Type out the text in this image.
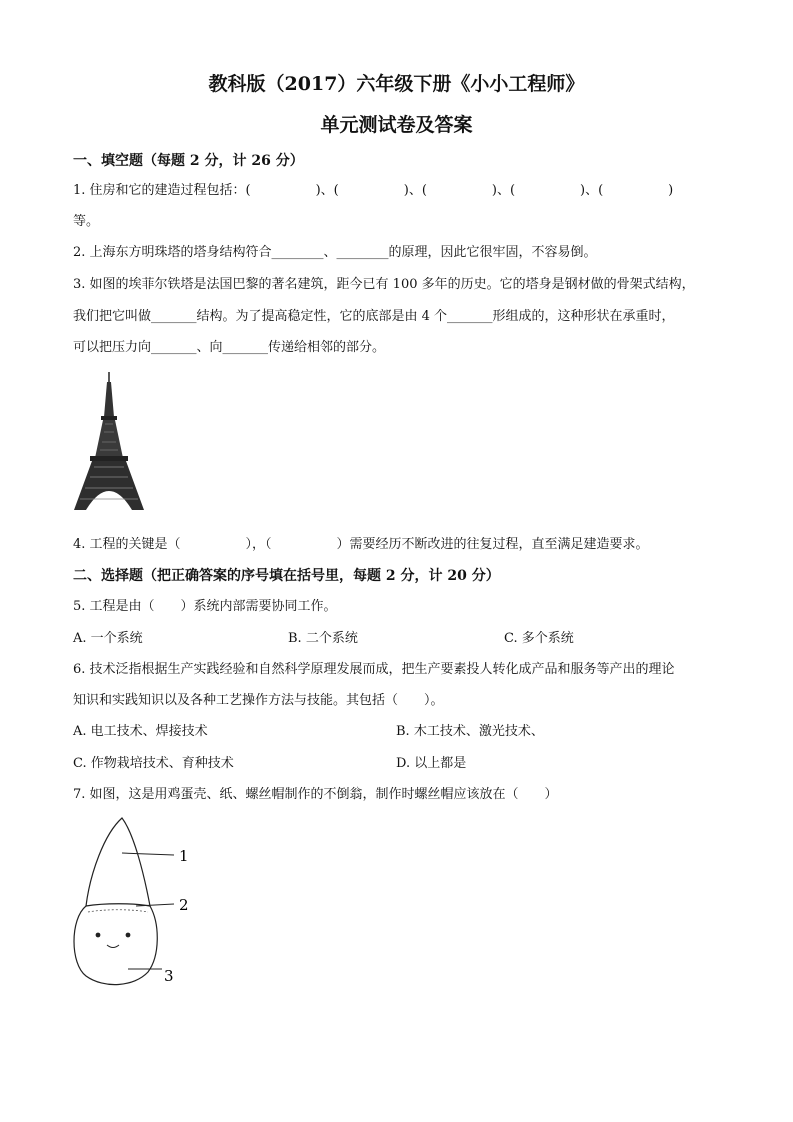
教科版（2017）六年级下册《小小工程师》
单元测试卷及答案
一、填空题（每题 2 分，计 26 分）
1. 住房和它的建造过程包括：(　　　　　)、(　　　　　)、(　　　　　)、(　　　　　)、(　　　　　)
等。
2. 上海东方明珠塔的塔身结构符合________、________的原理，因此它很牢固，不容易倒。
3. 如图的埃菲尔铁塔是法国巴黎的著名建筑，距今已有 100 多年的历史。它的塔身是钢材做的骨架式结构，
我们把它叫做_______结构。为了提高稳定性，它的底部是由 4 个_______形组成的，这种形状在承重时，
可以把压力向_______、向_______传递给相邻的部分。
4. 工程的关键是（　　　　　），（　　　　　）需要经历不断改进的往复过程，直至满足建造要求。
二、选择题（把正确答案的序号填在括号里，每题 2 分，计 20 分）
5. 工程是由（　　）系统内部需要协同工作。
A. 一个系统	B. 二个系统	C. 多个系统
6. 技术泛指根据生产实践经验和自然科学原理发展而成，把生产要素投人转化成产品和服务等产出的理论
知识和实践知识以及各种工艺操作方法与技能。其包括（　　）。
A. 电工技术、焊接技术	B. 木工技术、激光技术、
C. 作物栽培技术、育种技术	D. 以上都是
7. 如图，这是用鸡蛋壳、纸、螺丝帽制作的不倒翁，制作时螺丝帽应该放在（　　）
1
2
3
